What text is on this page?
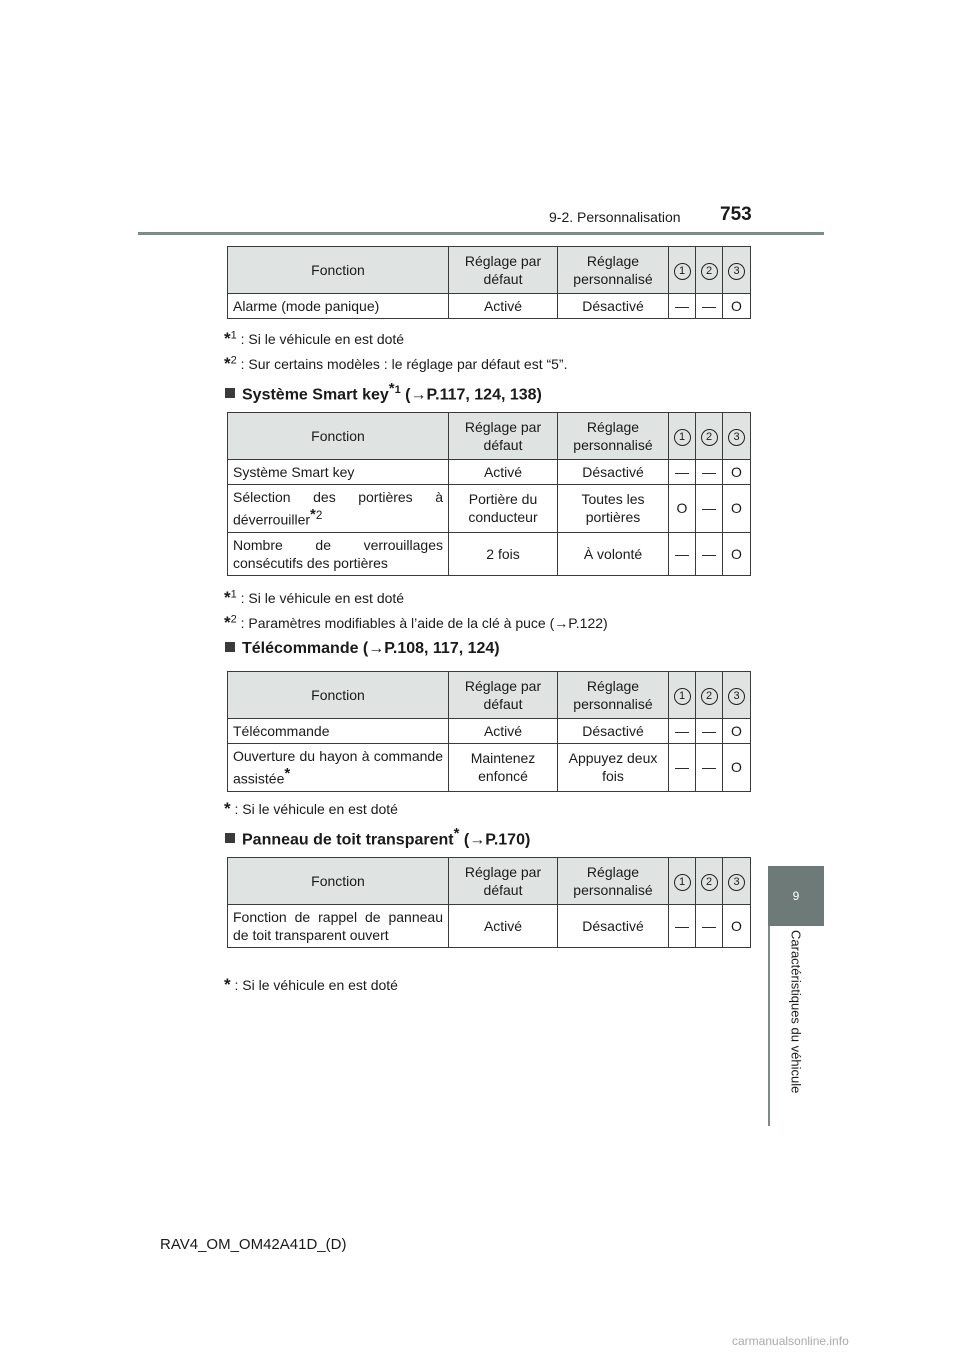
9-2. Personnalisation 753
Fonction	Réglage par défaut	Réglage personnalisé	1	2	3
Alarme (mode panique)	Activé	Désactivé	—	—	O
*$^1$ : Si le véhicule en est doté
*$^2$ : Sur certains modèles : le réglage par défaut est “5”.
Système Smart key$^{*1}$ (→P.117, 124, 138)
Fonction	Réglage par défaut	Réglage personnalisé	1	2	3
Système Smart key	Activé	Désactivé	—	—	O
Sélection des portières à déverrouiller$^{*2}$	Portière du conducteur	Toutes les portières	O	—	O
Nombre de verrouillages consécutifs des portières	2 fois	À volonté	—	—	O
*$^1$ : Si le véhicule en est doté
*$^2$ : Paramètres modifiables à l’aide de la clé à puce (→P.122)
Télécommande (→P.108, 117, 124)
Fonction	Réglage par défaut	Réglage personnalisé	1	2	3
Télécommande	Activé	Désactivé	—	—	O
Ouverture du hayon à commande assistée*	Maintenez enfoncé	Appuyez deux fois	—	—	O
* : Si le véhicule en est doté
Panneau de toit transparent* (→P.170)
Fonction	Réglage par défaut	Réglage personnalisé	1	2	3
Fonction de rappel de panneau de toit transparent ouvert	Activé	Désactivé	—	—	O
* : Si le véhicule en est doté
9
Caractéristiques du véhicule
RAV4_OM_OM42A41D_(D)
carmanualsonline.info
